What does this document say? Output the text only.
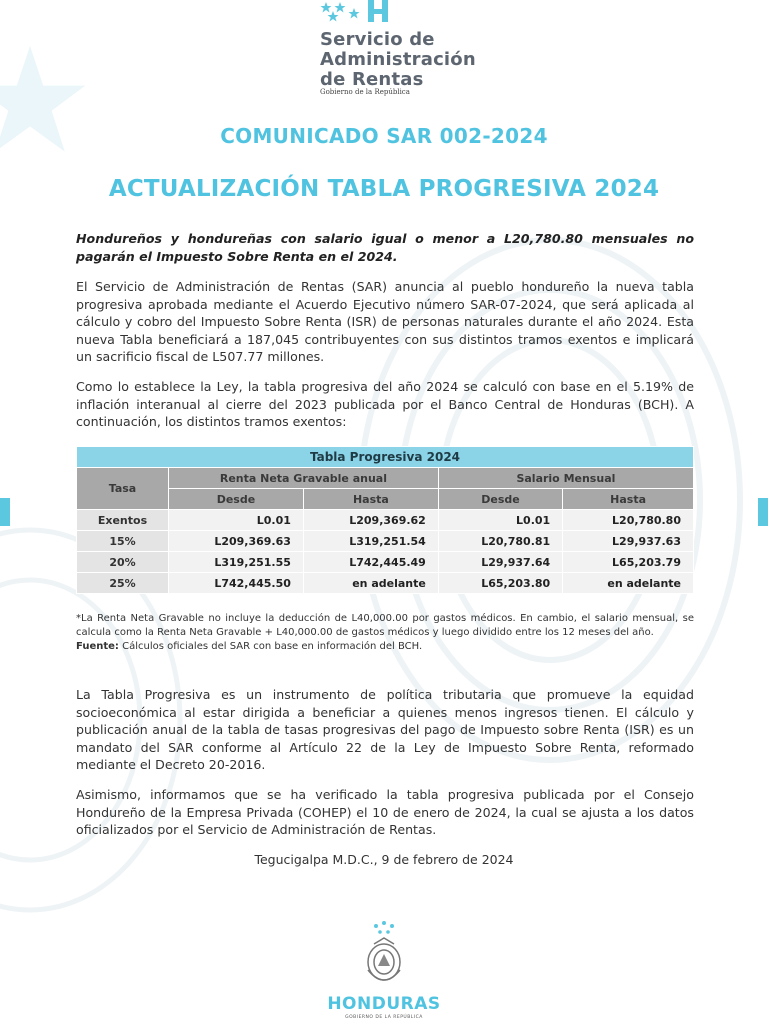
Servicio de
Administración
de Rentas
Gobierno de la República
COMUNICADO SAR 002-2024
ACTUALIZACIÓN TABLA PROGRESIVA 2024

Hondureños y hondureñas con salario igual o menor a L20,780.80 mensuales no pagarán el Impuesto Sobre Renta en el 2024.

El Servicio de Administración de Rentas (SAR) anuncia al pueblo hondureño la nueva tabla progresiva aprobada mediante el Acuerdo Ejecutivo número SAR-07-2024, que será aplicada al cálculo y cobro del Impuesto Sobre Renta (ISR) de personas naturales durante el año 2024. Esta nueva Tabla beneficiará a 187,045 contribuyentes con sus distintos tramos exentos e implicará un sacrificio fiscal de L507.77 millones.

Como lo establece la Ley, la tabla progresiva del año 2024 se calculó con base en el 5.19% de inflación interanual al cierre del 2023 publicada por el Banco Central de Honduras (BCH). A continuación, los distintos tramos exentos:

Tabla Progresiva 2024				
Tasa	Renta Neta Gravable anual		Salario Mensual	
	Desde	Hasta	Desde	Hasta
Exentos	L0.01	L209,369.62	L0.01	L20,780.80
15%	L209,369.63	L319,251.54	L20,780.81	L29,937.63
20%	L319,251.55	L742,445.49	L29,937.64	L65,203.79
25%	L742,445.50	en adelante	L65,203.80	en adelante
*La Renta Neta Gravable no incluye la deducción de L40,000.00 por gastos médicos. En cambio, el salario mensual, se calcula como la Renta Neta Gravable + L40,000.00 de gastos médicos y luego dividido entre los 12 meses del año.
Fuente: Cálculos oficiales del SAR con base en información del BCH.

La Tabla Progresiva es un instrumento de política tributaria que promueve la equidad socioeconómica al estar dirigida a beneficiar a quienes menos ingresos tienen. El cálculo y publicación anual de la tabla de tasas progresivas del pago de Impuesto sobre Renta (ISR) es un mandato del SAR conforme al Artículo 22 de la Ley de Impuesto Sobre Renta, reformado mediante el Decreto 20-2016.

Asimismo, informamos que se ha verificado la tabla progresiva publicada por el Consejo Hondureño de la Empresa Privada (COHEP) el 10 de enero de 2024, la cual se ajusta a los datos oficializados por el Servicio de Administración de Rentas.

Tegucigalpa M.D.C., 9 de febrero de 2024
HONDURAS
GOBIERNO DE LA REPÚBLICA
